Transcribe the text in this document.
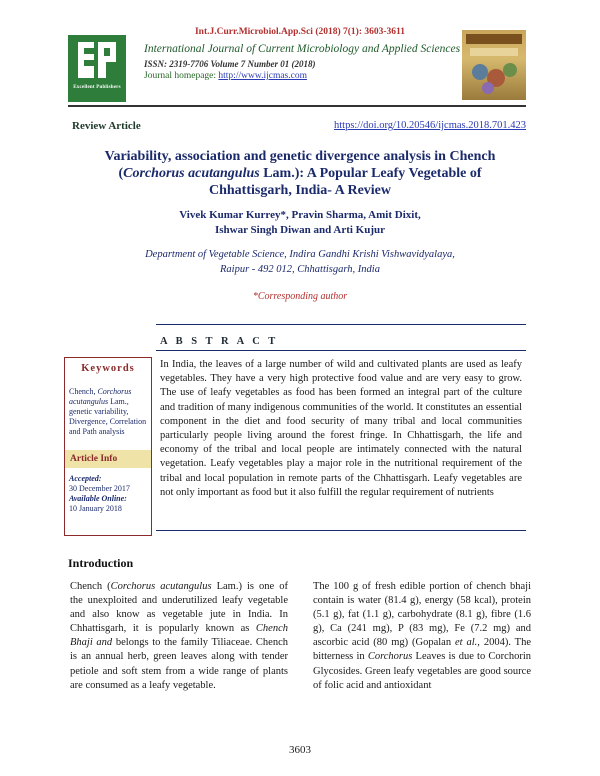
Int.J.Curr.Microbiol.App.Sci (2018) 7(1): 3603-3611
Excellent Publishers
International Journal of Current Microbiology and Applied Sciences
ISSN: 2319-7706 Volume 7 Number 01 (2018)
Journal homepage: http://www.ijcmas.com
Review Article	https://doi.org/10.20546/ijcmas.2018.701.423
Variability, association and genetic divergence analysis in Chench (Corchorus acutangulus Lam.): A Popular Leafy Vegetable of Chhattisgarh, India- A Review
Vivek Kumar Kurrey*, Pravin Sharma, Amit Dixit,
Ishwar Singh Diwan and Arti Kujur
Department of Vegetable Science, Indira Gandhi Krishi Vishwavidyalaya,
Raipur - 492 012, Chhattisgarh, India
*Corresponding author
A B S T R A C T
In India, the leaves of a large number of wild and cultivated plants are used as leafy vegetables. They have a very high protective food value and are very easy to grow. The use of leafy vegetables as food has been formed an integral part of the culture and tradition of many indigenous communities of the world. It constitutes an essential component in the diet and food security of many tribal and local communities particularly people living around the forest fringe. In Chhattisgarh, the life and economy of the tribal and local people are intimately connected with the natural vegetation. Leafy vegetables play a major role in the nutritional requirement of the tribal and local population in remote parts of the Chhattisgarh. Leafy vegetables are not only important as food but it also fulfill the regular requirement of nutrients
Keywords
Chench, Corchorus acutangulus Lam., genetic variability, Divergence, Correlation and Path analysis
Article Info
Accepted:
30 December 2017
Available Online:
10 January 2018
Introduction
Chench (Corchorus acutangulus Lam.) is one of the unexploited and underutilized leafy vegetable and also know as vegetable jute in India. In Chhattisgarh, it is popularly known as Chench Bhaji and belongs to the family Tiliaceae. Chench is an annual herb, green leaves along with tender petiole and soft stem from a wide range of plants are consumed as a leafy vegetable.
The 100 g of fresh edible portion of chench bhaji contain is water (81.4 g), energy (58 kcal), protein (5.1 g), fat (1.1 g), carbohydrate (8.1 g), fibre (1.6 g), Ca (241 mg), P (83 mg), Fe (7.2 mg) and ascorbic acid (80 mg) (Gopalan et al., 2004). The bitterness in Corchorus Leaves is due to Corchorin Glycosides. Green leafy vegetables are good source of folic acid and antioxidant
3603
